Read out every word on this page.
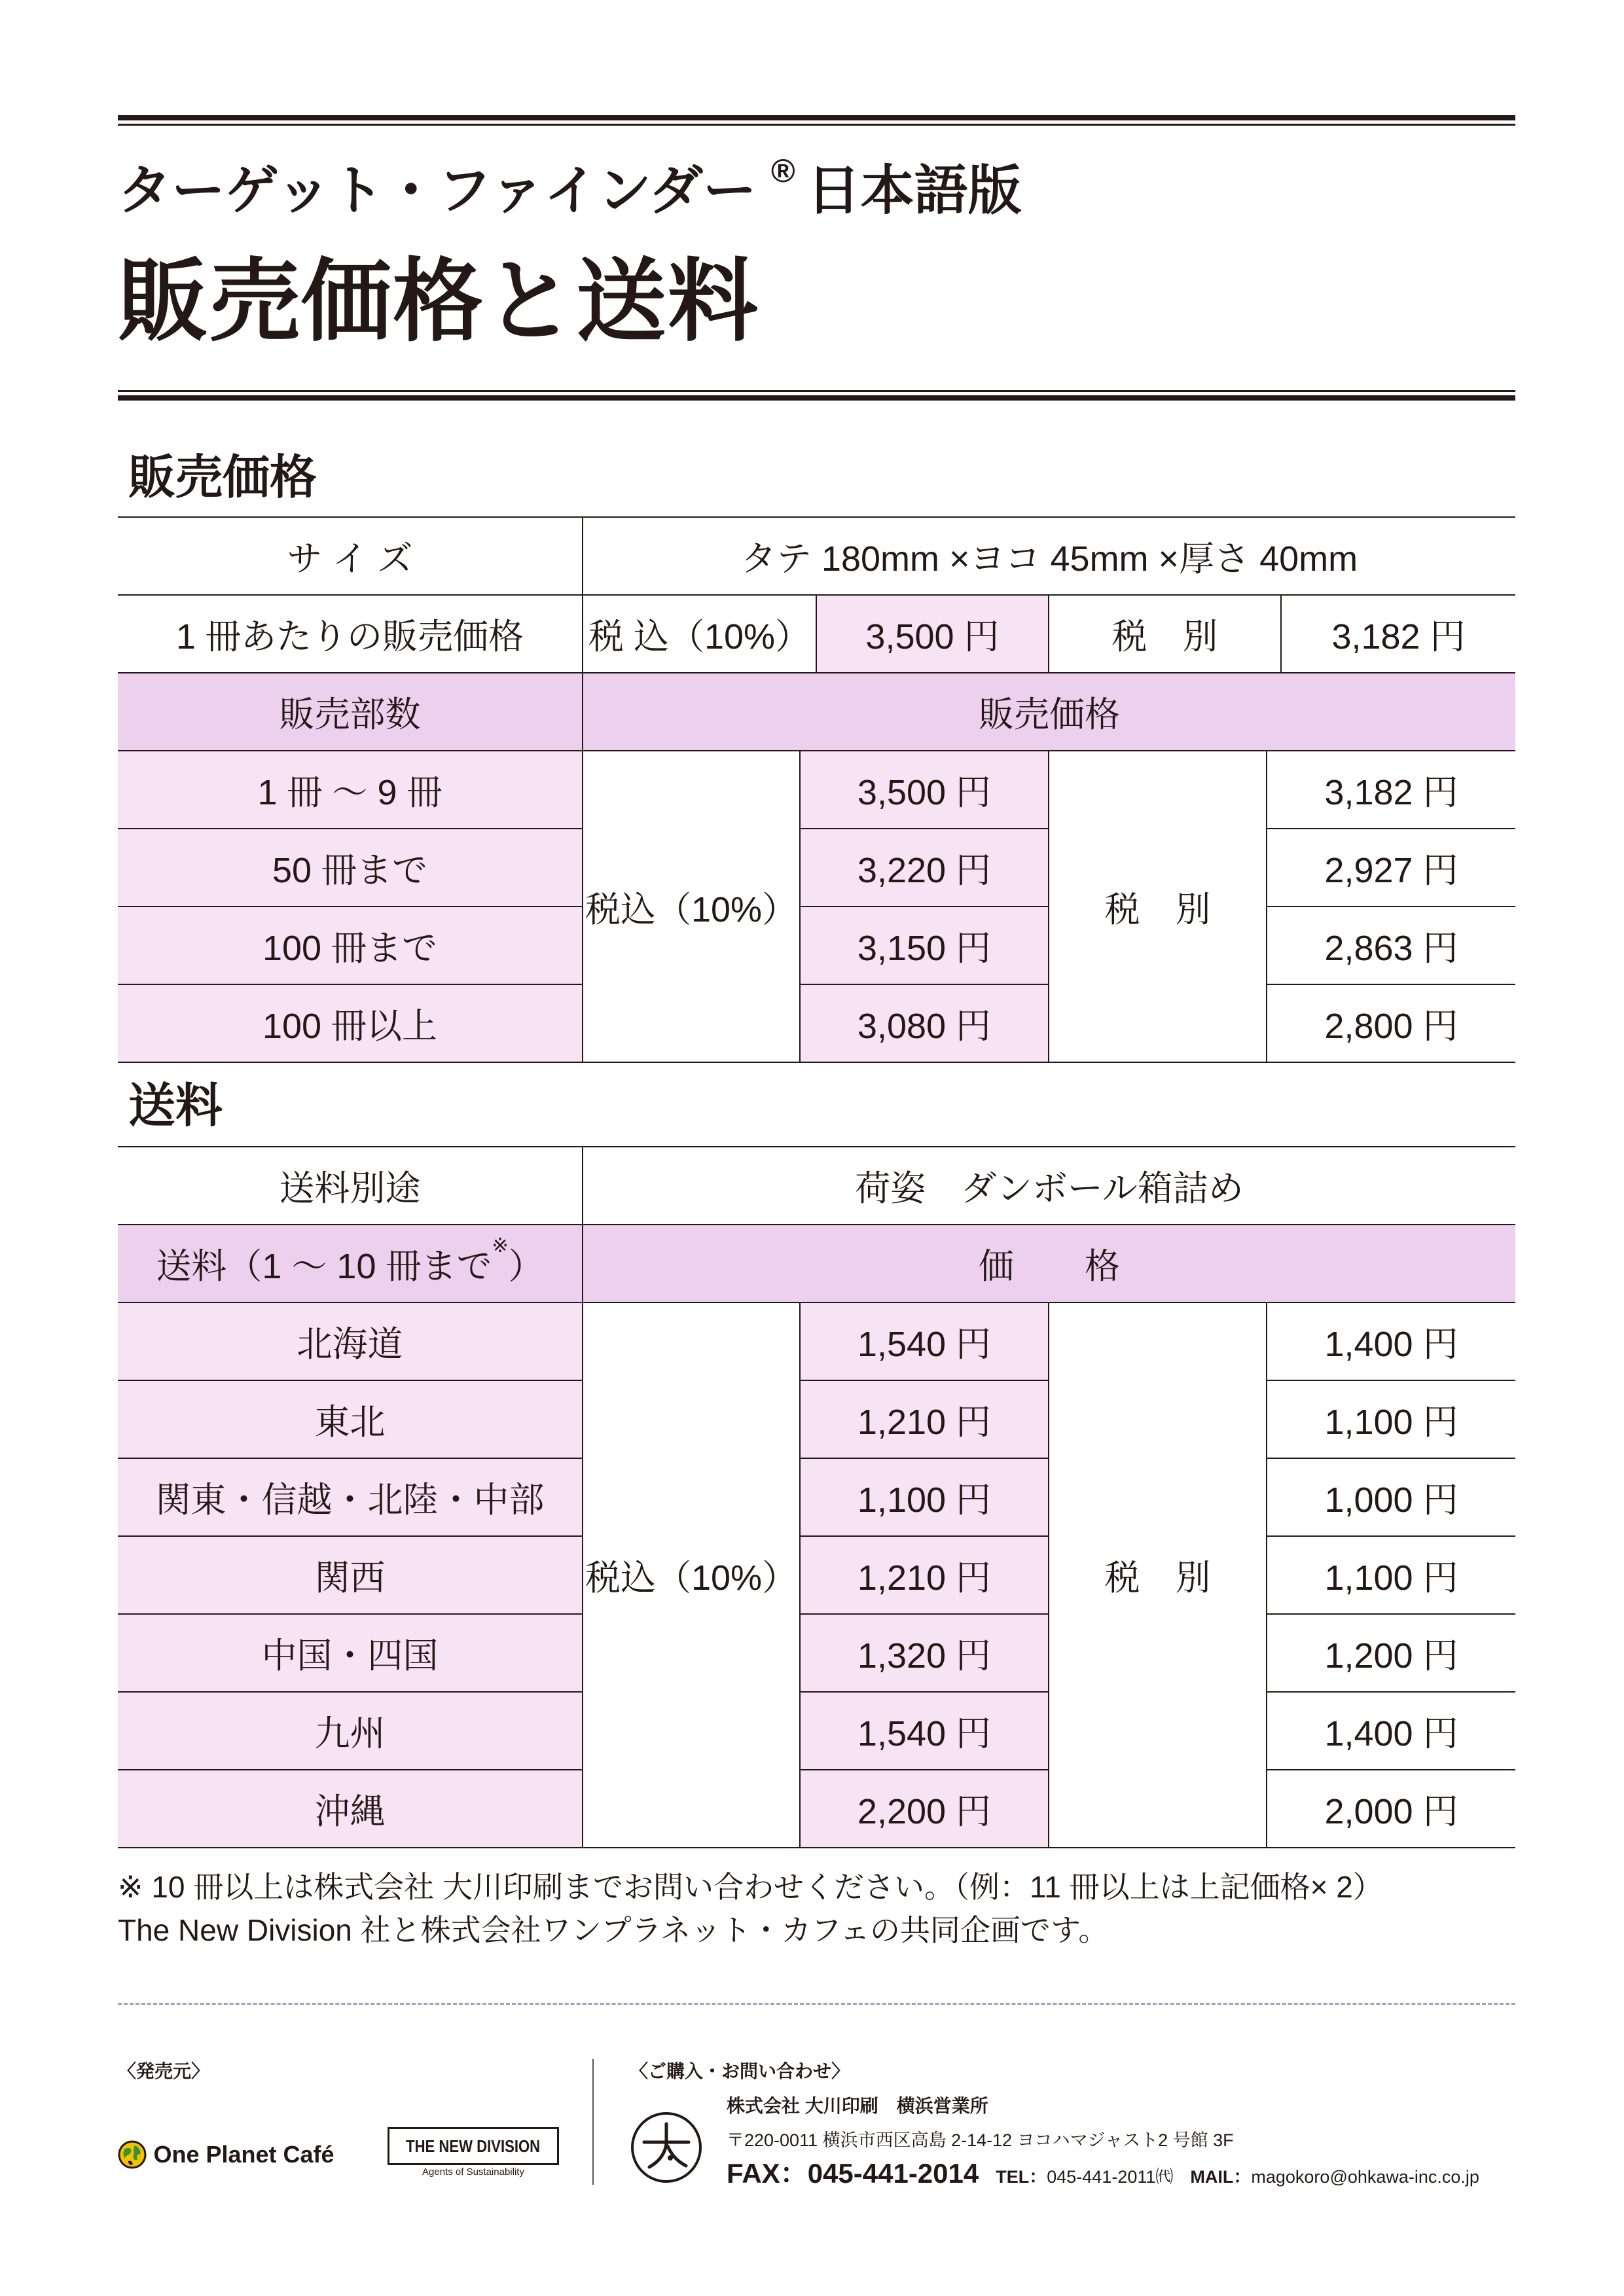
ターゲット・ファインダー ® 日本語版
販売価格と送料
販売価格
サ イ ズ	タテ 180mm ×ヨコ 45mm ×厚さ 40mm			
1 冊あたりの販売価格	税 込（10%）	3,500 円	税　別	3,182 円
販売部数	販売価格			
1 冊 ～ 9 冊	税込（10%）	3,500 円	税　別	3,182 円
50 冊まで		3,220 円		2,927 円
100 冊まで		3,150 円		2,863 円
100 冊以上		3,080 円		2,800 円
送料
送料別途	荷姿　ダンボール箱詰め			
送料（1 ～ 10 冊まで※）	価　　格			
北海道	税込（10%）	1,540 円	税　別	1,400 円
東北		1,210 円		1,100 円
関東・信越・北陸・中部		1,100 円		1,000 円
関西		1,210 円		1,100 円
中国・四国		1,320 円		1,200 円
九州		1,540 円		1,400 円
沖縄		2,200 円		2,000 円
※ 10 冊以上は株式会社 大川印刷までお問い合わせください。（例：11 冊以上は上記価格× 2）
The New Division 社と株式会社ワンプラネット・カフェの共同企画です。
〈発売元〉	〈ご購入・お問い合わせ〉
One Planet Café	THE NEW DIVISION
Agents of Sustainability
株式会社 大川印刷　横浜営業所
〒220-0011 横浜市西区高島 2-14-12 ヨコハマジャスト2 号館 3F
FAX：045-441-2014 TEL：045-441-2011㈹ MAIL：magokoro@ohkawa-inc.co.jp
